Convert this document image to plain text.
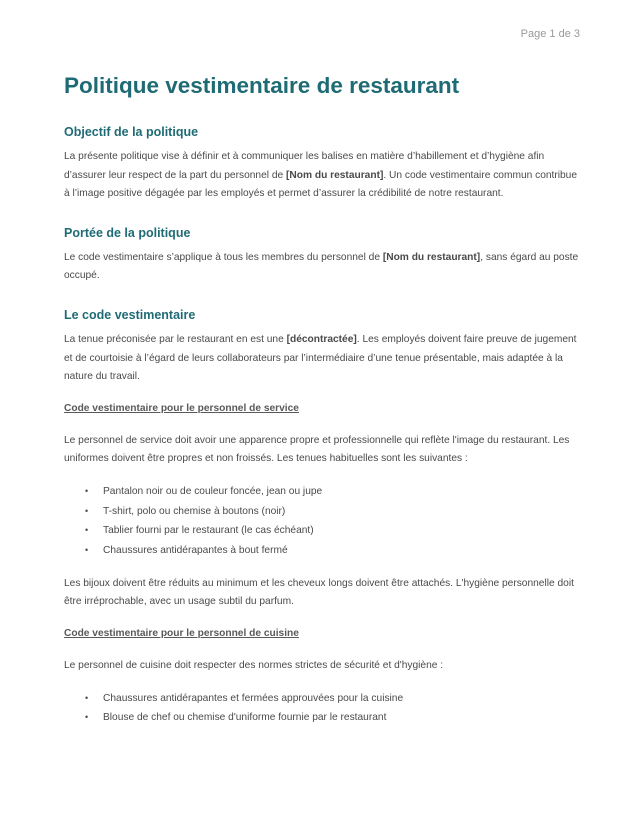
Page 1 de 3
Politique vestimentaire de restaurant
Objectif de la politique

La présente politique vise à définir et à communiquer les balises en matière d’habillement et d’hygiène afin d’assurer leur respect de la part du personnel de [Nom du restaurant]. Un code vestimentaire commun contribue à l’image positive dégagée par les employés et permet d’assurer la crédibilité de notre restaurant.

Portée de la politique

Le code vestimentaire s’applique à tous les membres du personnel de [Nom du restaurant], sans égard au poste occupé.

Le code vestimentaire

La tenue préconisée par le restaurant en est une [décontractée]. Les employés doivent faire preuve de jugement et de courtoisie à l’égard de leurs collaborateurs par l’intermédiaire d’une tenue présentable, mais adaptée à la nature du travail.

Code vestimentaire pour le personnel de service

Le personnel de service doit avoir une apparence propre et professionnelle qui reflète l'image du restaurant. Les uniformes doivent être propres et non froissés. Les tenues habituelles sont les suivantes :

• Pantalon noir ou de couleur foncée, jean ou jupe
• T-shirt, polo ou chemise à boutons (noir)
• Tablier fourni par le restaurant (le cas échéant)
• Chaussures antidérapantes à bout fermé

Les bijoux doivent être réduits au minimum et les cheveux longs doivent être attachés. L'hygiène personnelle doit être irréprochable, avec un usage subtil du parfum.

Code vestimentaire pour le personnel de cuisine

Le personnel de cuisine doit respecter des normes strictes de sécurité et d'hygiène :

• Chaussures antidérapantes et fermées approuvées pour la cuisine
• Blouse de chef ou chemise d'uniforme fournie par le restaurant
